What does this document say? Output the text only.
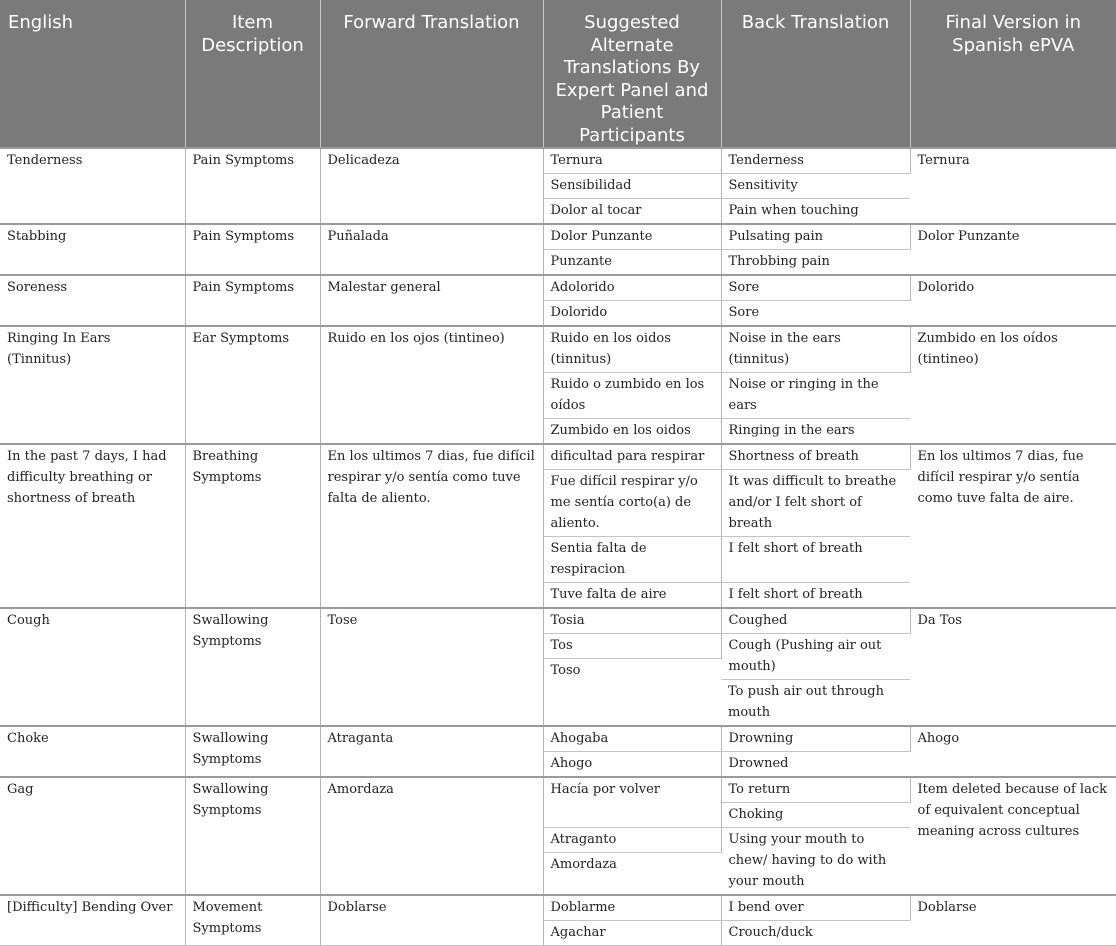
English	Item Description	Forward Translation	Suggested Alternate Translations By Expert Panel and Patient Participants	Back Translation	Final Version in Spanish ePVA
Tenderness	Pain Symptoms	Delicadeza	Ternura	Tenderness	Ternura
			Sensibilidad	Sensitivity	
			Dolor al tocar	Pain when touching	
Stabbing	Pain Symptoms	Puñalada	Dolor Punzante	Pulsating pain	Dolor Punzante
			Punzante	Throbbing pain	
Soreness	Pain Symptoms	Malestar general	Adolorido	Sore	Dolorido
			Dolorido	Sore	
Ringing In Ears (Tinnitus)	Ear Symptoms	Ruido en los ojos (tintineo)	Ruido en los oidos (tinnitus)	Noise in the ears (tinnitus)	Zumbido en los oídos (tintineo)
			Ruido o zumbido en los oídos	Noise or ringing in the ears	
			Zumbido en los oidos	Ringing in the ears	
In the past 7 days, I had difficulty breathing or shortness of breath	Breathing Symptoms	En los ultimos 7 dias, fue difícil respirar y/o sentía como tuve falta de aliento.	dificultad para respirar	Shortness of breath	En los ultimos 7 dias, fue difícil respirar y/o sentía como tuve falta de aire.
			Fue difícil respirar y/o me sentía corto(a) de aliento.	It was difficult to breathe and/or I felt short of breath	
			Sentia falta de respiracion	I felt short of breath	
			Tuve falta de aire	I felt short of breath	
Cough	Swallowing Symptoms	Tose	Tosia	Coughed	Da Tos
			Tos	Cough (Pushing air out mouth)	
			Toso		
				To push air out through mouth	
Choke	Swallowing Symptoms	Atraganta	Ahogaba	Drowning	Ahogo
			Ahogo	Drowned	
Gag	Swallowing Symptoms	Amordaza	Hacía por volver	To return	Item deleted because of lack of equivalent conceptual meaning across cultures
				Choking	
			Atraganto	Using your mouth to chew/ having to do with your mouth	
			Amordaza		
[Difficulty] Bending Over	Movement Symptoms	Doblarse	Doblarme	I bend over	Doblarse
			Agachar	Crouch/duck	
